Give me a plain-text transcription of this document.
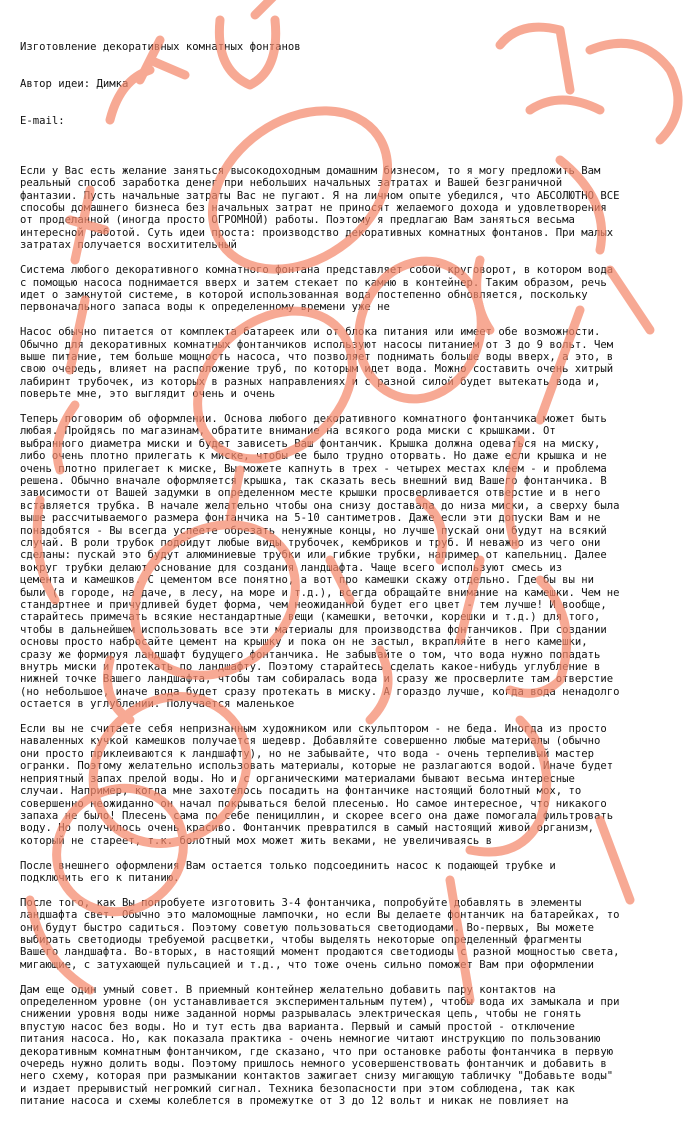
Изготовление декоративных комнатных фонтанов

Автор идеи: Димка

E-mail:

Если у Вас есть желание заняться высокодоходным домашним бизнесом, то я могу предложить Вам
реальный способ заработка денег при небольших начальных затратах и Вашей безграничной
фантазии. Пусть начальные затраты Вас не пугают. Я на личном опыте убедился, что АБСОЛЮТНО ВСЕ
способы домашнего бизнеса без начальных затрат не приносят желаемого дохода и удовлетворения
от проделанной (иногда просто ОГРОМНОЙ) работы. Поэтому я предлагаю Вам заняться весьма
интересной работой. Суть идеи проста: производство декоративных комнатных фонтанов. При малых
затратах получается восхитительный
Система любого декоративного комнатного фонтана представляет собой круговорот, в котором вода
с помощью насоса поднимается вверх и затем стекает по камню в контейнер. Таким образом, речь
идет о замкнутой системе, в которой использованная вода постепенно обновляется, поскольку
первоначального запаса воды к определенному времени уже не
Насос обычно питается от комплекта батареек или от блока питания или имеет обе возможности.
Обычно для декоративных комнатных фонтанчиков используют насосы питанием от 3 до 9 вольт. Чем
выше питание, тем больше мощность насоса, что позволяет поднимать больше воды вверх, а это, в
свою очередь, влияет на расположение труб, по которым идет вода. Можно составить очень хитрый
лабиринт трубочек, из которых в разных направлениях и с разной силой будет вытекать вода и,
поверьте мне, это выглядит очень и очень
Теперь поговорим об оформлении. Основа любого декоративного комнатного фонтанчика может быть
любая. Пройдясь по магазинам, обратите внимание на всякого рода миски с крышками. От
выбранного диаметра миски и будет зависеть Ваш фонтанчик. Крышка должна одеваться на миску,
либо очень плотно прилегать к миске, чтобы ее было трудно оторвать. Но даже если крышка и не
очень плотно прилегает к миске, Вы можете капнуть в трех - четырех местах клеем - и проблема
решена. Обычно вначале оформляется крышка, так сказать весь внешний вид Вашего фонтанчика. В
зависимости от Вашей задумки в определенном месте крышки просверливается отверстие и в него
вставляется трубка. В начале желательно чтобы она снизу доставала до низа миски, а сверху была
выше рассчитываемого размера фонтанчика на 5-10 сантиметров. Даже если эти допуски Вам и не
понадобятся - Вы всегда успеете обрезать ненужные концы, но лучше пускай они будут на всякий
случай. В роли трубок подойдут любые виды трубочек, кембриков и труб. И неважно из чего они
сделаны: пускай это будут алюминиевые трубки или гибкие трубки, например от капельниц. Далее
вокруг трубки делают основание для создания ландшафта. Чаще всего используют смесь из
цемента и камешков. С цементом все понятно, а вот про камешки скажу отдельно. Где бы вы ни
были (в городе, на даче, в лесу, на море и т.д.), всегда обращайте внимание на камешки. Чем не
стандартнее и причудливей будет форма, чем неожиданной будет его цвет - тем лучше! И вообще,
старайтесь примечать всякие нестандартные вещи (камешки, веточки, корешки и т.д.) для того,
чтобы в дальнейшем использовать все эти материалы для производства фонтанчиков. При создании
основы просто набросайте цемент на крышку и пока он не застыл, вкрапляйте в него камешки,
сразу же формируя ландшафт будущего фонтанчика. Не забывайте о том, что вода нужно попадать
внутрь миски и протекать по ландшафту. Поэтому старайтесь сделать какое-нибудь углубление в
нижней точке Вашего ландшафта, чтобы там собиралась вода и сразу же просверлите там отверстие
(но небольшое, иначе вода будет сразу протекать в миску. А гораздо лучше, когда вода ненадолго
остается в углублении. Получается маленькое
Если вы не считаете себя непризнанным художником или скульптором - не беда. Иногда из просто
наваленных кучкой камешков получается шедевр. Добавляйте совершенно любые материалы (обычно
они просто приклеиваются к ландшафту), но не забывайте, что вода - очень терпеливый мастер
огранки. Поэтому желательно использовать материалы, которые не разлагаются водой. Иначе будет
неприятный запах прелой воды. Но и с органическими материалами бывают весьма интересные
случаи. Например, когда мне захотелось посадить на фонтанчике настоящий болотный мох, то
совершенно неожиданно он начал покрываться белой плесенью. Но самое интересное, что никакого
запаха не было! Плесень сама по себе пенициллин, и скорее всего она даже помогала фильтровать
воду. Но получилось очень красиво. Фонтанчик превратился в самый настоящий живой организм,
который не стареет, т.к. болотный мох может жить веками, не увеличиваясь в
После внешнего оформления Вам остается только подсоединить насос к подающей трубке и
подключить его к питанию.
После того, как Вы попробуете изготовить 3-4 фонтанчика, попробуйте добавлять в элементы
ландшафта свет. Обычно это маломощные лампочки, но если Вы делаете фонтанчик на батарейках, то
они будут быстро садиться. Поэтому советую пользоваться светодиодами. Во-первых, Вы можете
выбирать светодиоды требуемой расцветки, чтобы выделять некоторые определенный фрагменты
Вашего ландшафта. Во-вторых, в настоящий момент продаются светодиоды с разной мощностью света,
мигающие, с затухающей пульсацией и т.д., что тоже очень сильно поможет Вам при оформлении
Дам еще один умный совет. В приемный контейнер желательно добавить пару контактов на
определенном уровне (он устанавливается экспериментальным путем), чтобы вода их замыкала и при
снижении уровня воды ниже заданной нормы разрывалась электрическая цепь, чтобы не гонять
впустую насос без воды. Но и тут есть два варианта. Первый и самый простой - отключение
питания насоса. Но, как показала практика - очень немногие читают инструкцию по пользованию
декоративным комнатным фонтанчиком, где сказано, что при остановке работы фонтанчика в первую
очередь нужно долить воды. Поэтому пришлось немного усовершенствовать фонтанчик и добавить в
него схему, которая при размыкании контактов зажигает снизу мигающую табличку "Добавьте воды"
и издает прерывистый негромкий сигнал. Техника безопасности при этом соблюдена, так как
питание насоса и схемы колеблется в промежутке от 3 до 12 вольт и никак не повлияет на
